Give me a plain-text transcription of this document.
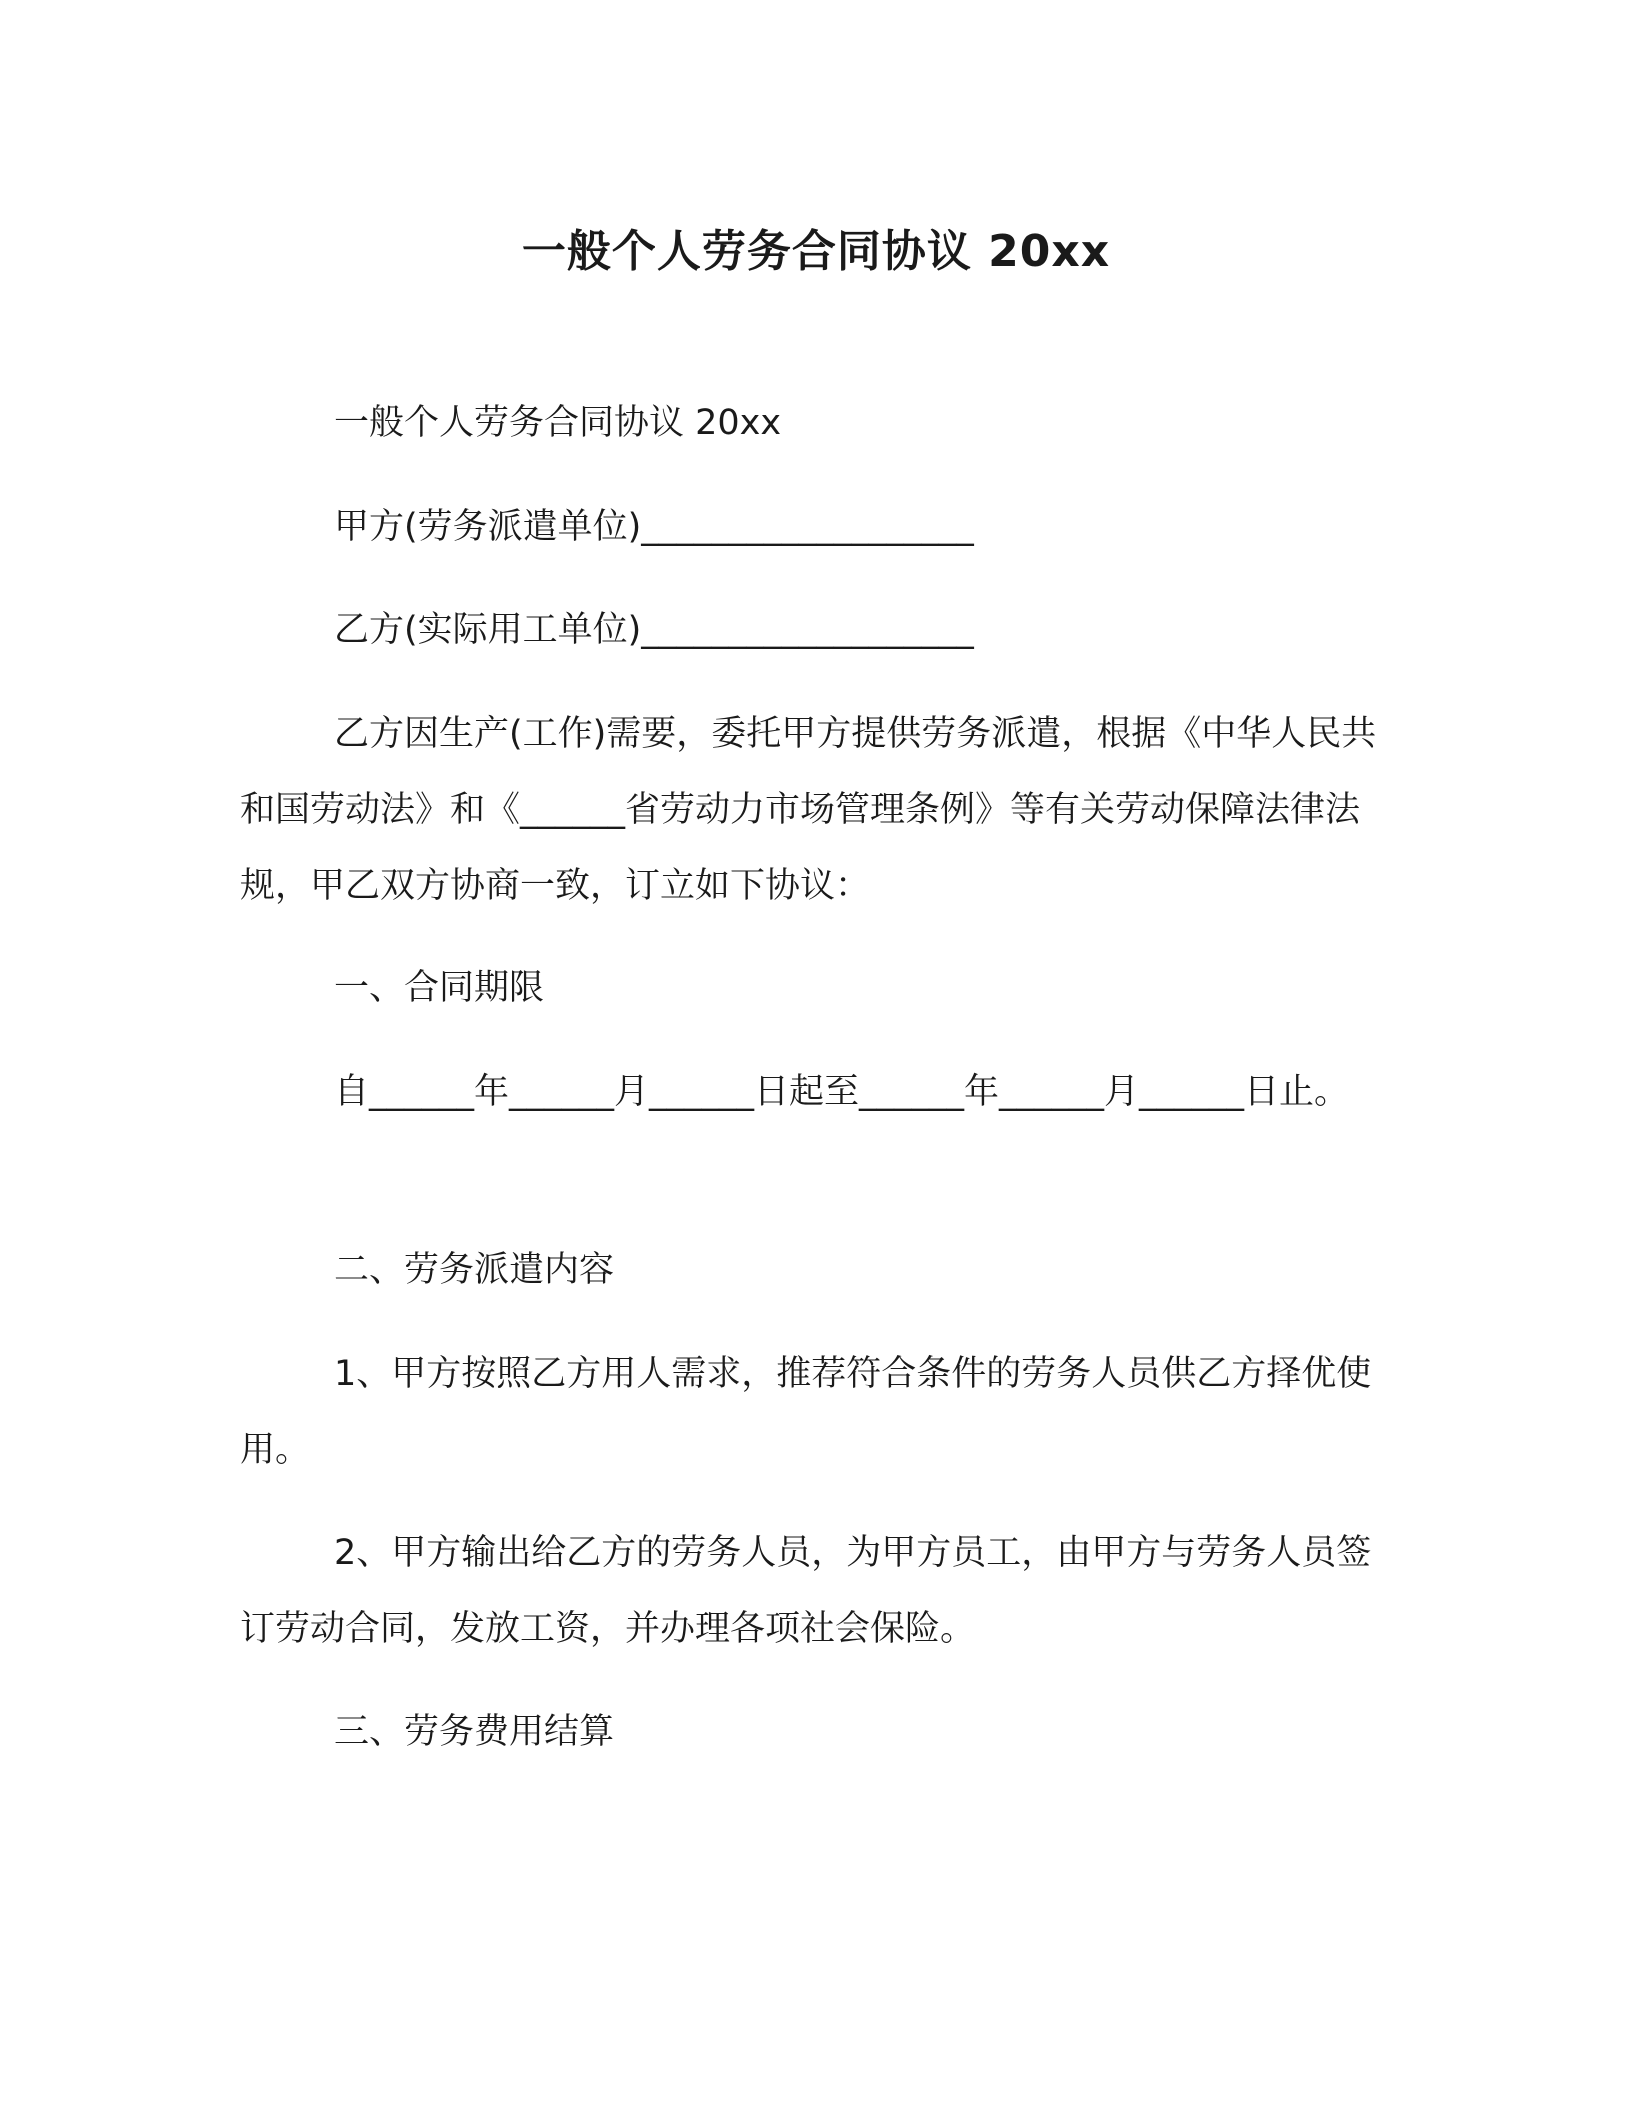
一般个人劳务合同协议 20xx

一般个人劳务合同协议 20xx

甲方(劳务派遣单位)___________________

乙方(实际用工单位)___________________

乙方因生产(工作)需要，委托甲方提供劳务派遣，根据《中华人民共和国劳动法》和《______省劳动力市场管理条例》等有关劳动保障法律法规，甲乙双方协商一致，订立如下协议：

一、合同期限

自______年______月______日起至______年______月______日止。

二、劳务派遣内容

1、甲方按照乙方用人需求，推荐符合条件的劳务人员供乙方择优使用。

2、甲方输出给乙方的劳务人员，为甲方员工，由甲方与劳务人员签订劳动合同，发放工资，并办理各项社会保险。

三、劳务费用结算
